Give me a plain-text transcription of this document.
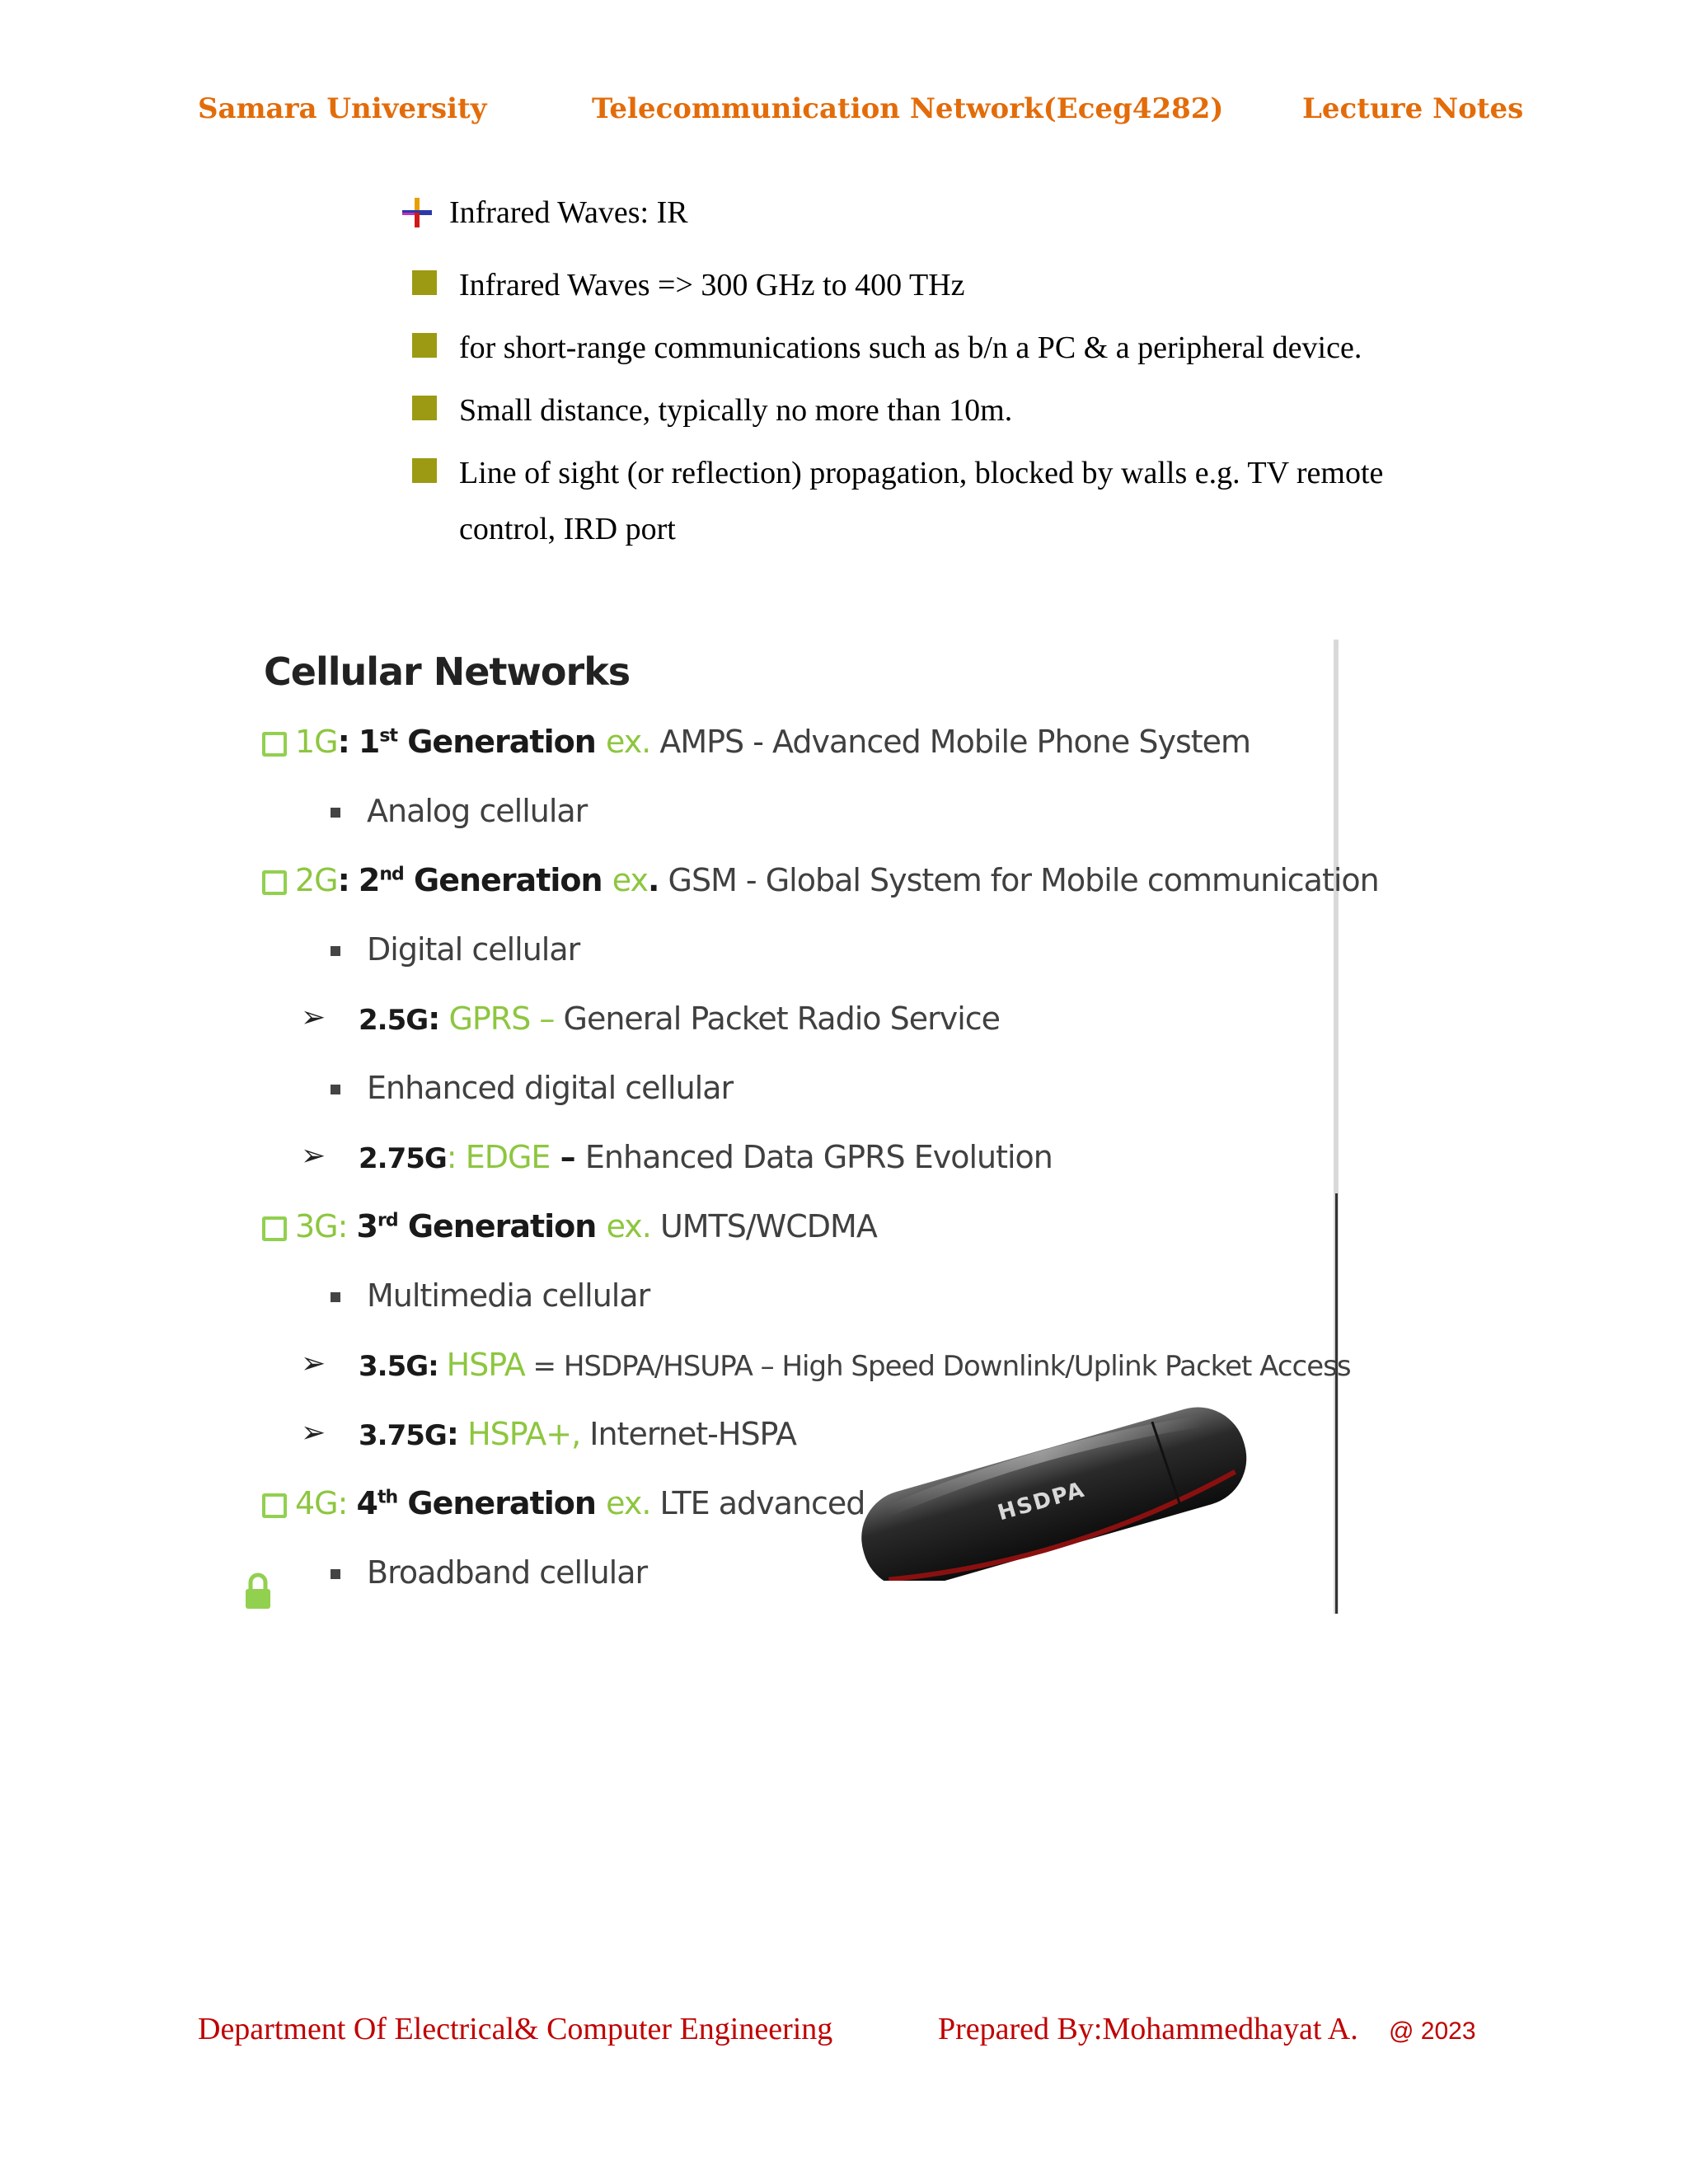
Samara University	Telecommunication Network(Eceg4282)	Lecture Notes
Infrared Waves: IR
Infrared Waves => 300 GHz to 400 THz
for short-range communications such as b/n a PC & a peripheral device.
Small distance, typically no more than 10m.
Line of sight (or reflection) propagation, blocked by walls e.g. TV remote control, IRD port
Cellular Networks
1G: 1st Generation ex. AMPS - Advanced Mobile Phone System
Analog cellular
2G: 2nd Generation ex. GSM - Global System for Mobile communication
Digital cellular
➢ 2.5G: GPRS – General Packet Radio Service
Enhanced digital cellular
➢ 2.75G: EDGE – Enhanced Data GPRS Evolution
3G: 3rd Generation ex. UMTS/WCDMA
Multimedia cellular
➢ 3.5G: HSPA = HSDPA/HSUPA – High Speed Downlink/Uplink Packet Access
➢ 3.75G: HSPA+, Internet-HSPA
4G: 4th Generation ex. LTE advanced
Broadband cellular
HSDPA
Department Of Electrical& Computer Engineering	Prepared By:Mohammedhayat A. @ 2023
